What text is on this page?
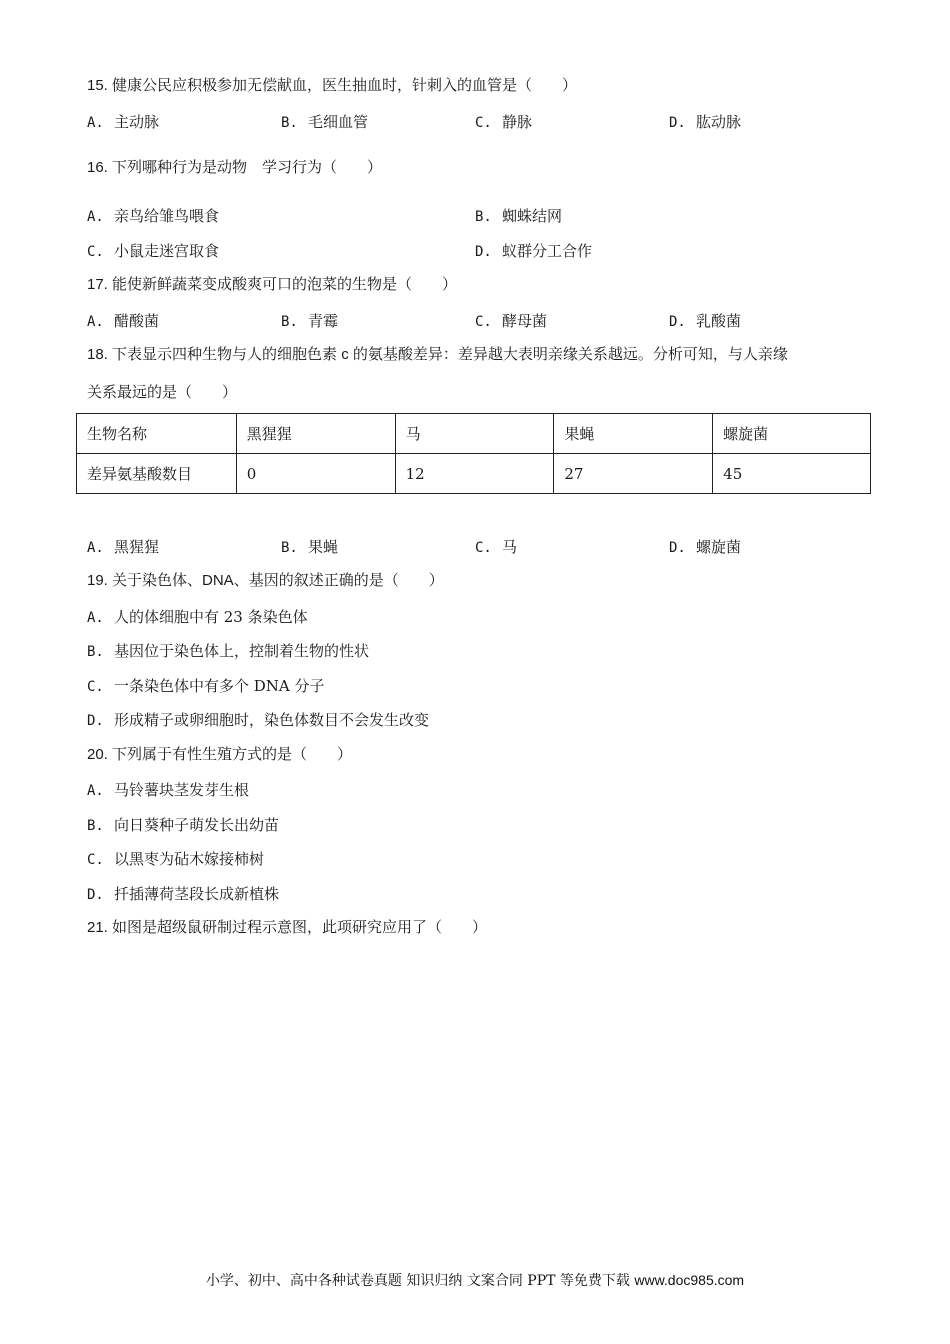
15. 健康公民应积极参加无偿献血，医生抽血时，针刺入的血管是（　　）
A. 主动脉	B. 毛细血管	C. 静脉	D. 肱动脉
16. 下列哪种行为是动物　学习行为（　　）
A. 亲鸟给雏鸟喂食	B. 蜘蛛结网
C. 小鼠走迷宫取食	D. 蚁群分工合作
17. 能使新鲜蔬菜变成酸爽可口的泡菜的生物是（　　）
A. 醋酸菌	B. 青霉	C. 酵母菌	D. 乳酸菌
18. 下表显示四种生物与人的细胞色素 c 的氨基酸差异：差异越大表明亲缘关系越远。分析可知，与人亲缘
关系最远的是（　　）
生物名称	黑猩猩	马	果蝇	螺旋菌
差异氨基酸数目	0	12	27	45
A. 黑猩猩	B. 果蝇	C. 马	D. 螺旋菌
19. 关于染色体、DNA、基因的叙述正确的是（　　）
A. 人的体细胞中有 23 条染色体
B. 基因位于染色体上，控制着生物的性状
C. 一条染色体中有多个 DNA 分子
D. 形成精子或卵细胞时，染色体数目不会发生改变
20. 下列属于有性生殖方式的是（　　）
A. 马铃薯块茎发芽生根
B. 向日葵种子萌发长出幼苗
C. 以黑枣为砧木嫁接柿树
D. 扦插薄荷茎段长成新植株
21. 如图是超级鼠研制过程示意图，此项研究应用了（　　）
小学、初中、高中各种试卷真题 知识归纳 文案合同 PPT 等免费下载 www.doc985.com
